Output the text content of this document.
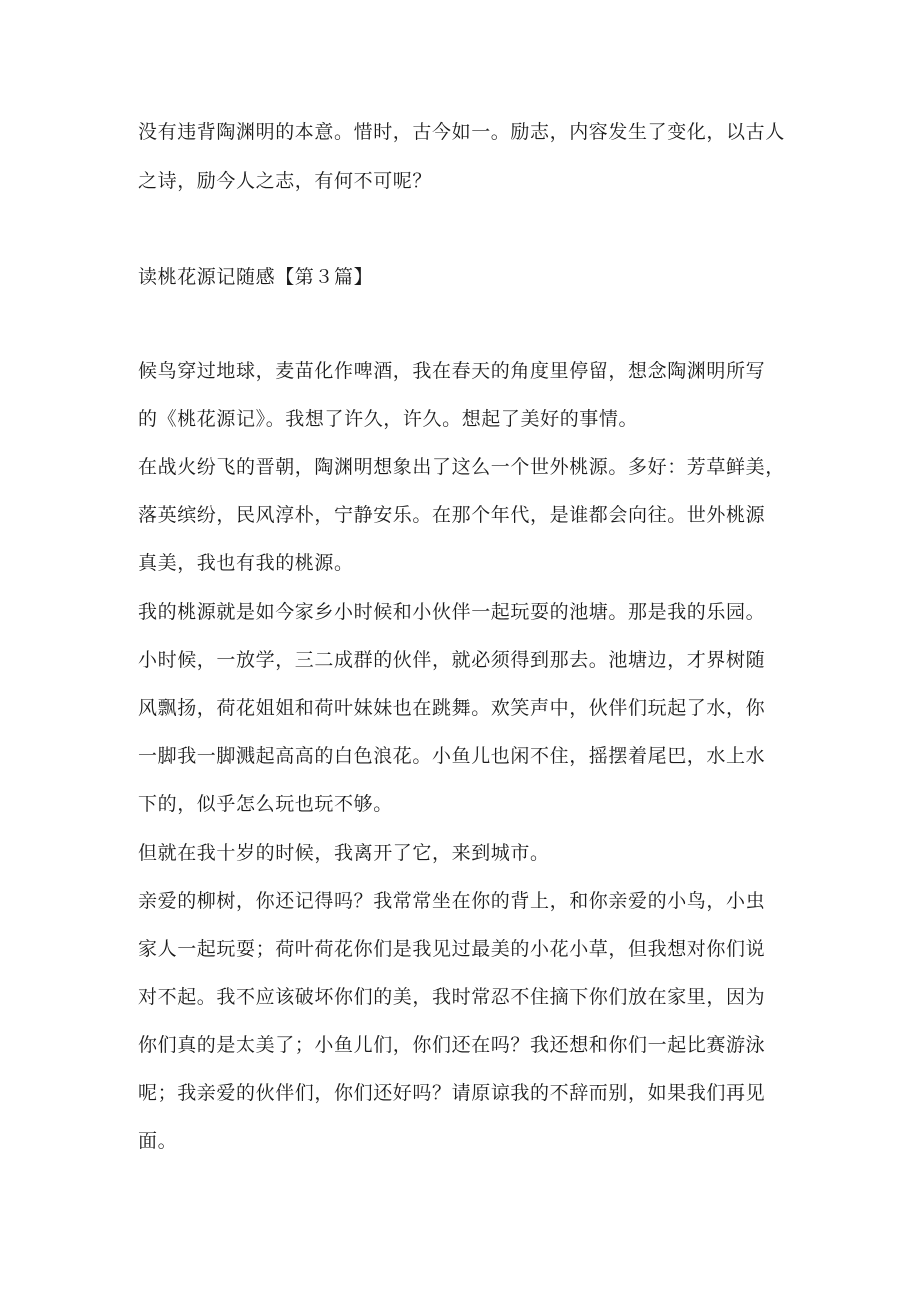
没有违背陶渊明的本意。惜时，古今如一。励志，内容发生了变化，以古人
之诗，励今人之志，有何不可呢？
读桃花源记随感【第３篇】
候鸟穿过地球，麦苗化作啤酒，我在春天的角度里停留，想念陶渊明所写
的《桃花源记》。我想了许久，许久。想起了美好的事情。
在战火纷飞的晋朝，陶渊明想象出了这么一个世外桃源。多好：芳草鲜美，
落英缤纷，民风淳朴，宁静安乐。在那个年代，是谁都会向往。世外桃源
真美，我也有我的桃源。
我的桃源就是如今家乡小时候和小伙伴一起玩耍的池塘。那是我的乐园。
小时候，一放学，三二成群的伙伴，就必须得到那去。池塘边，才界树随
风飘扬，荷花姐姐和荷叶妹妹也在跳舞。欢笑声中，伙伴们玩起了水，你
一脚我一脚溅起高高的白色浪花。小鱼儿也闲不住，摇摆着尾巴，水上水
下的，似乎怎么玩也玩不够。
但就在我十岁的时候，我离开了它，来到城市。
亲爱的柳树，你还记得吗？我常常坐在你的背上，和你亲爱的小鸟，小虫
家人一起玩耍；荷叶荷花你们是我见过最美的小花小草，但我想对你们说
对不起。我不应该破坏你们的美，我时常忍不住摘下你们放在家里，因为
你们真的是太美了；小鱼儿们，你们还在吗？我还想和你们一起比赛游泳
呢；我亲爱的伙伴们，你们还好吗？请原谅我的不辞而别，如果我们再见
面。
